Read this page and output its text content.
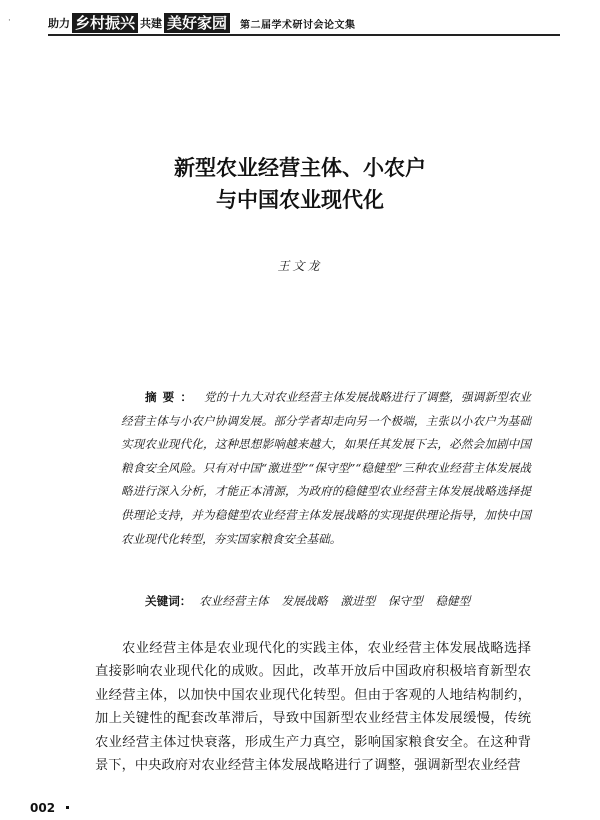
·	助力 乡村振兴 共建 美好家园	第二届学术研讨会论文集
新型农业经营主体、小农户
与中国农业现代化
王文龙
摘要： 党的十九大对农业经营主体发展战略进行了调整，强调新型农业经营主体与小农户协调发展。部分学者却走向另一个极端，主张以小农户为基础实现农业现代化，这种思想影响越来越大，如果任其发展下去，必然会加剧中国粮食安全风险。只有对中国“激进型”“保守型”“稳健型”三种农业经营主体发展战略进行深入分析，才能正本清源，为政府的稳健型农业经营主体发展战略选择提供理论支持，并为稳健型农业经营主体发展战略的实现提供理论指导，加快中国农业现代化转型，夯实国家粮食安全基础。
关键词： 农业经营主体 发展战略 激进型 保守型 稳健型
农业经营主体是农业现代化的实践主体，农业经营主体发展战略选择直接影响农业现代化的成败。因此，改革开放后中国政府积极培育新型农业经营主体，以加快中国农业现代化转型。但由于客观的人地结构制约，加上关键性的配套改革滞后，导致中国新型农业经营主体发展缓慢，传统农业经营主体过快衰落，形成生产力真空，影响国家粮食安全。在这种背景下，中央政府对农业经营主体发展战略进行了调整，强调新型农业经营
002
